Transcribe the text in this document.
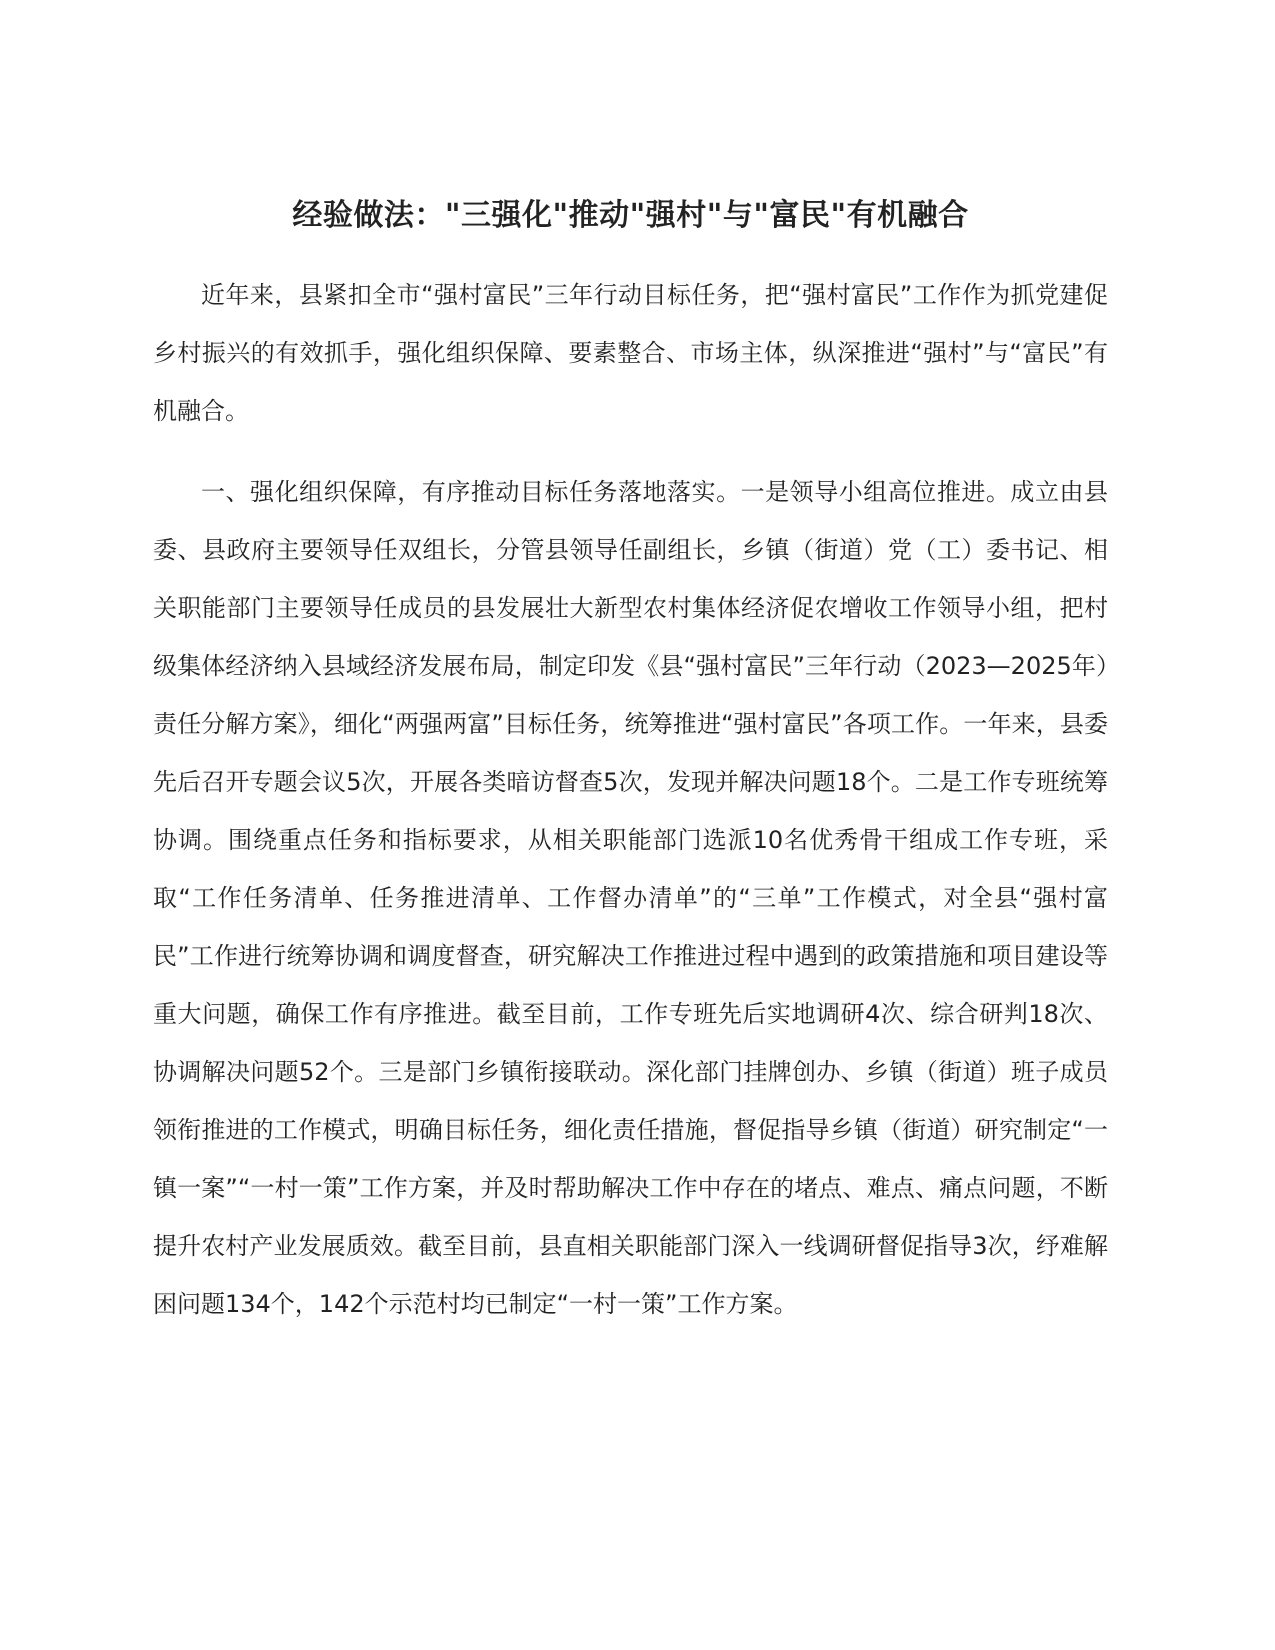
经验做法："三强化"推动"强村"与"富民"有机融合

近年来，县紧扣全市“强村富民”三年行动目标任务，把“强村富民”工作作为抓党建促乡村振兴的有效抓手，强化组织保障、要素整合、市场主体，纵深推进“强村”与“富民”有机融合。

一、强化组织保障，有序推动目标任务落地落实。一是领导小组高位推进。成立由县委、县政府主要领导任双组长，分管县领导任副组长，乡镇（街道）党（工）委书记、相关职能部门主要领导任成员的县发展壮大新型农村集体经济促农增收工作领导小组，把村级集体经济纳入县域经济发展布局，制定印发《县“强村富民”三年行动（2023—2025年）责任分解方案》，细化“两强两富”目标任务，统筹推进“强村富民”各项工作。一年来，县委先后召开专题会议5次，开展各类暗访督查5次，发现并解决问题18个。二是工作专班统筹协调。围绕重点任务和指标要求，从相关职能部门选派10名优秀骨干组成工作专班，采取“工作任务清单、任务推进清单、工作督办清单”的“三单”工作模式，对全县“强村富民”工作进行统筹协调和调度督查，研究解决工作推进过程中遇到的政策措施和项目建设等重大问题，确保工作有序推进。截至目前，工作专班先后实地调研4次、综合研判18次、协调解决问题52个。三是部门乡镇衔接联动。深化部门挂牌创办、乡镇（街道）班子成员领衔推进的工作模式，明确目标任务，细化责任措施，督促指导乡镇（街道）研究制定“一镇一案”“一村一策”工作方案，并及时帮助解决工作中存在的堵点、难点、痛点问题，不断提升农村产业发展质效。截至目前，县直相关职能部门深入一线调研督促指导3次，纾难解困问题134个，142个示范村均已制定“一村一策”工作方案。
